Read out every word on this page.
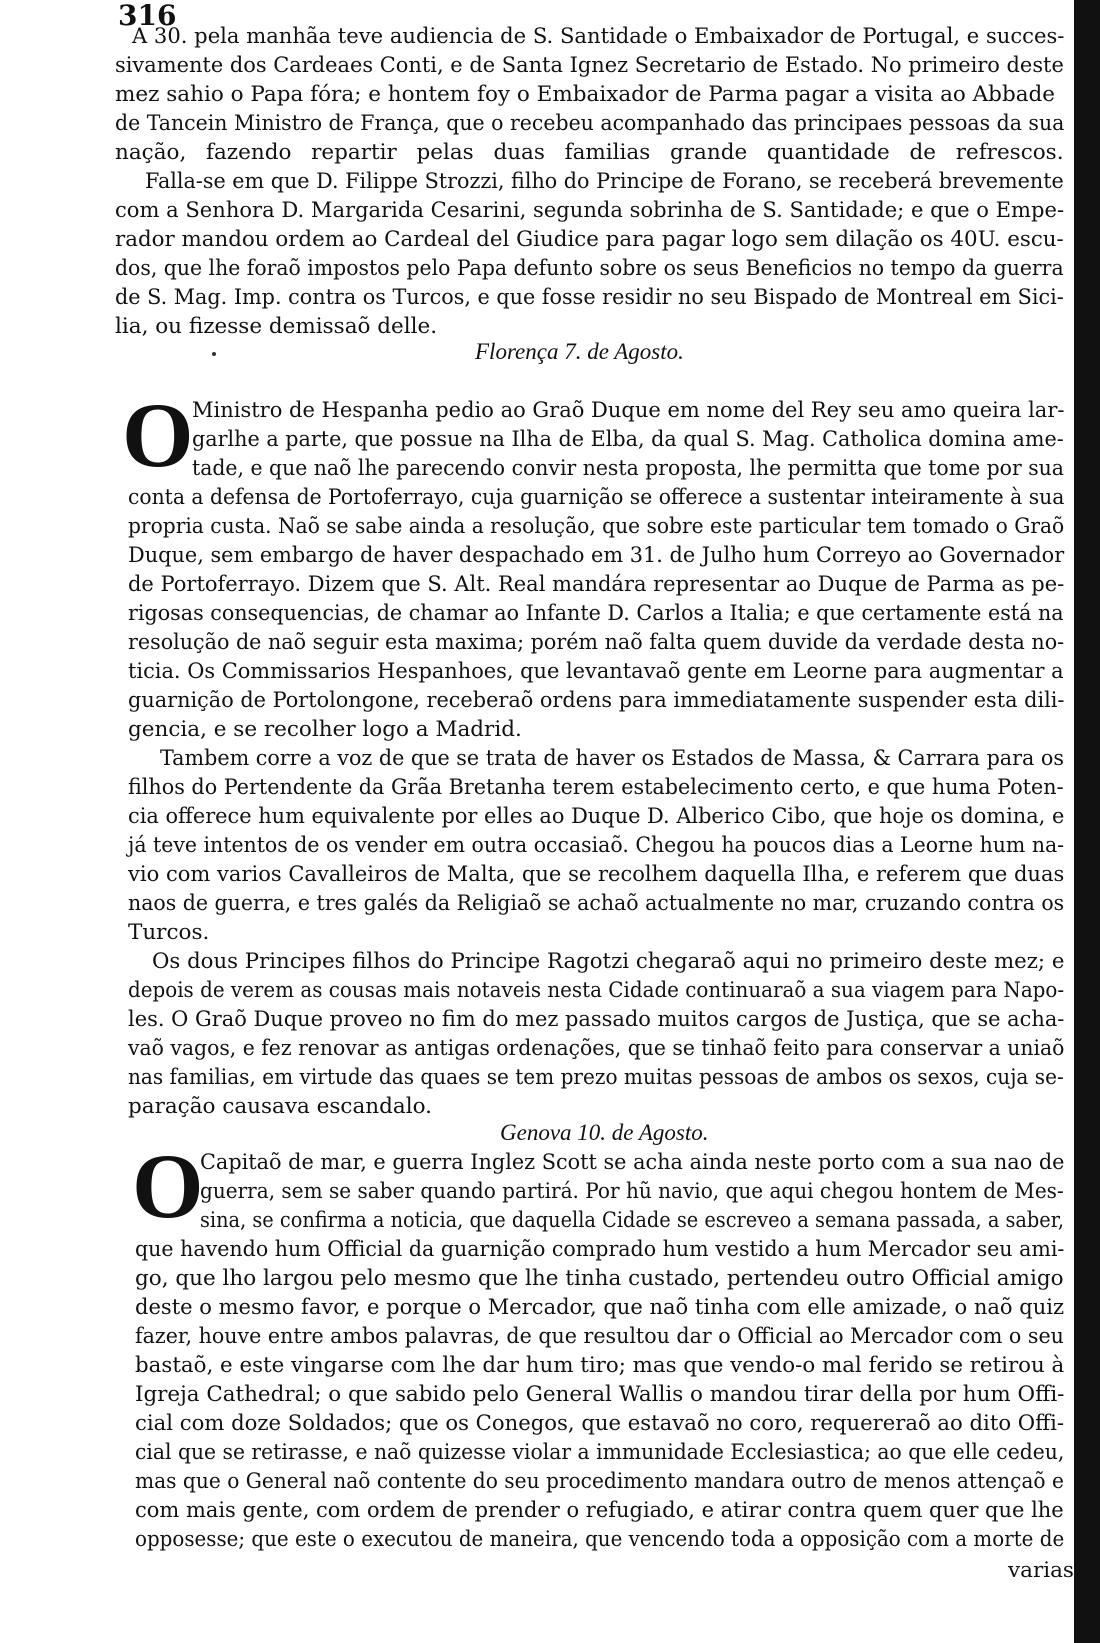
316
A 30. pela manhãa teve audiencia de S. Santidade o Embaixador de Portugal, e succes-
sivamente dos Cardeaes Conti, e de Santa Ignez Secretario de Estado. No primeiro deste
mez sahio o Papa fóra; e hontem foy o Embaixador de Parma pagar a visita ao Abbade
de Tancein Ministro de França, que o recebeu acompanhado das principaes pessoas da sua
nação, fazendo repartir pelas duas familias grande quantidade de refrescos.
Falla-se em que D. Filippe Strozzi, filho do Principe de Forano, se receberá brevemente
com a Senhora D. Margarida Cesarini, segunda sobrinha de S. Santidade; e que o Empe-
rador mandou ordem ao Cardeal del Giudice para pagar logo sem dilação os 40U. escu-
dos, que lhe foraõ impostos pelo Papa defunto sobre os seus Beneficios no tempo da guerra
de S. Mag. Imp. contra os Turcos, e que fosse residir no seu Bispado de Montreal em Sici-
lia, ou fizesse demissaõ delle.
Florença 7. de Agosto.
O
Ministro de Hespanha pedio ao Graõ Duque em nome del Rey seu amo queira lar-
garlhe a parte, que possue na Ilha de Elba, da qual S. Mag. Catholica domina ame-
tade, e que naõ lhe parecendo convir nesta proposta, lhe permitta que tome por sua
conta a defensa de Portoferrayo, cuja guarnição se offerece a sustentar inteiramente à sua
propria custa. Naõ se sabe ainda a resolução, que sobre este particular tem tomado o Graõ
Duque, sem embargo de haver despachado em 31. de Julho hum Correyo ao Governador
de Portoferrayo. Dizem que S. Alt. Real mandára representar ao Duque de Parma as pe-
rigosas consequencias, de chamar ao Infante D. Carlos a Italia; e que certamente está na
resolução de naõ seguir esta maxima; porém naõ falta quem duvide da verdade desta no-
ticia. Os Commissarios Hespanhoes, que levantavaõ gente em Leorne para augmentar a
guarnição de Portolongone, receberaõ ordens para immediatamente suspender esta dili-
gencia, e se recolher logo a Madrid.
Tambem corre a voz de que se trata de haver os Estados de Massa, & Carrara para os
filhos do Pertendente da Grãa Bretanha terem estabelecimento certo, e que huma Poten-
cia offerece hum equivalente por elles ao Duque D. Alberico Cibo, que hoje os domina, e
já teve intentos de os vender em outra occasiaõ. Chegou ha poucos dias a Leorne hum na-
vio com varios Cavalleiros de Malta, que se recolhem daquella Ilha, e referem que duas
naos de guerra, e tres galés da Religiaõ se achaõ actualmente no mar, cruzando contra os
Turcos.
Os dous Principes filhos do Principe Ragotzi chegaraõ aqui no primeiro deste mez; e
depois de verem as cousas mais notaveis nesta Cidade continuaraõ a sua viagem para Napo-
les. O Graõ Duque proveo no fim do mez passado muitos cargos de Justiça, que se acha-
vaõ vagos, e fez renovar as antigas ordenações, que se tinhaõ feito para conservar a uniaõ
nas familias, em virtude das quaes se tem prezo muitas pessoas de ambos os sexos, cuja se-
paração causava escandalo.
Genova 10. de Agosto.
O
Capitaõ de mar, e guerra Inglez Scott se acha ainda neste porto com a sua nao de
guerra, sem se saber quando partirá. Por hũ navio, que aqui chegou hontem de Mes-
sina, se confirma a noticia, que daquella Cidade se escreveo a semana passada, a saber,
que havendo hum Official da guarnição comprado hum vestido a hum Mercador seu ami-
go, que lho largou pelo mesmo que lhe tinha custado, pertendeu outro Official amigo
deste o mesmo favor, e porque o Mercador, que naõ tinha com elle amizade, o naõ quiz
fazer, houve entre ambos palavras, de que resultou dar o Official ao Mercador com o seu
bastaõ, e este vingarse com lhe dar hum tiro; mas que vendo-o mal ferido se retirou à
Igreja Cathedral; o que sabido pelo General Wallis o mandou tirar della por hum Offi-
cial com doze Soldados; que os Conegos, que estavaõ no coro, requereraõ ao dito Offi-
cial que se retirasse, e naõ quizesse violar a immunidade Ecclesiastica; ao que elle cedeu,
mas que o General naõ contente do seu procedimento mandara outro de menos attençaõ e
com mais gente, com ordem de prender o refugiado, e atirar contra quem quer que lhe
opposesse; que este o executou de maneira, que vencendo toda a opposição com a morte de
varias
